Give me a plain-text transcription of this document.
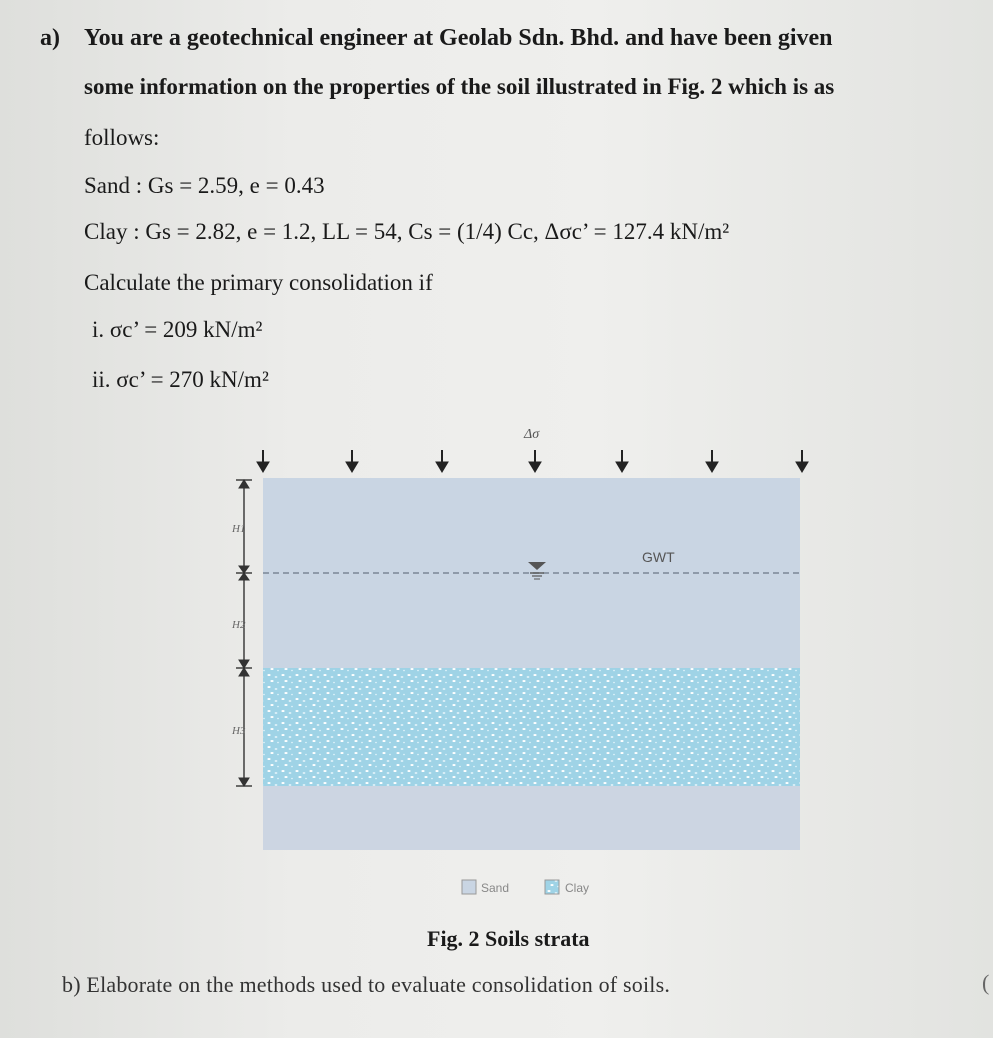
a) You are a geotechnical engineer at Geolab Sdn. Bhd. and have been given
some information on the properties of the soil illustrated in Fig. 2 which is as
follows:
Sand : Gs = 2.59, e = 0.43
Clay : Gs = 2.82, e = 1.2, LL = 54, Cs = (1/4) Cc, Δσc’ = 127.4 kN/m²
Calculate the primary consolidation if
i. σc’ = 209 kN/m²
ii. σc’ = 270 kN/m²
GWT
Δσ
H1
H2
H3
Sand	Clay
Fig. 2 Soils strata
b) Elaborate on the methods used to evaluate consolidation of soils.	(
